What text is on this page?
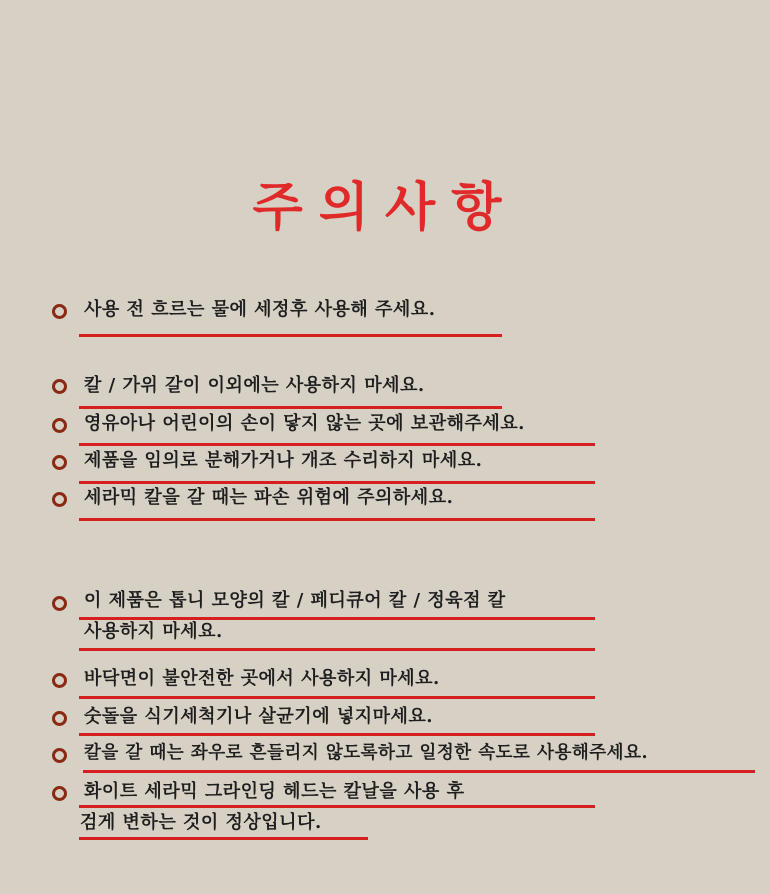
주의사항
사용 전 흐르는 물에 세정후 사용해 주세요.
칼 / 가위 갈이 이외에는 사용하지 마세요.
영유아나 어린이의 손이 닿지 않는 곳에 보관해주세요.
제품을 임의로 분해가거나 개조 수리하지 마세요.
세라믹 칼을 갈 때는 파손 위험에 주의하세요.
이 제품은 톱니 모양의 칼 / 페디큐어 칼 / 정육점 칼
사용하지 마세요.
바닥면이 불안전한 곳에서 사용하지 마세요.
숫돌을 식기세척기나 살균기에 넣지마세요.
칼을 갈 때는 좌우로 흔들리지 않도록하고 일정한 속도로 사용해주세요.
화이트 세라믹 그라인딩 헤드는 칼날을 사용 후
검게 변하는 것이 정상입니다.
